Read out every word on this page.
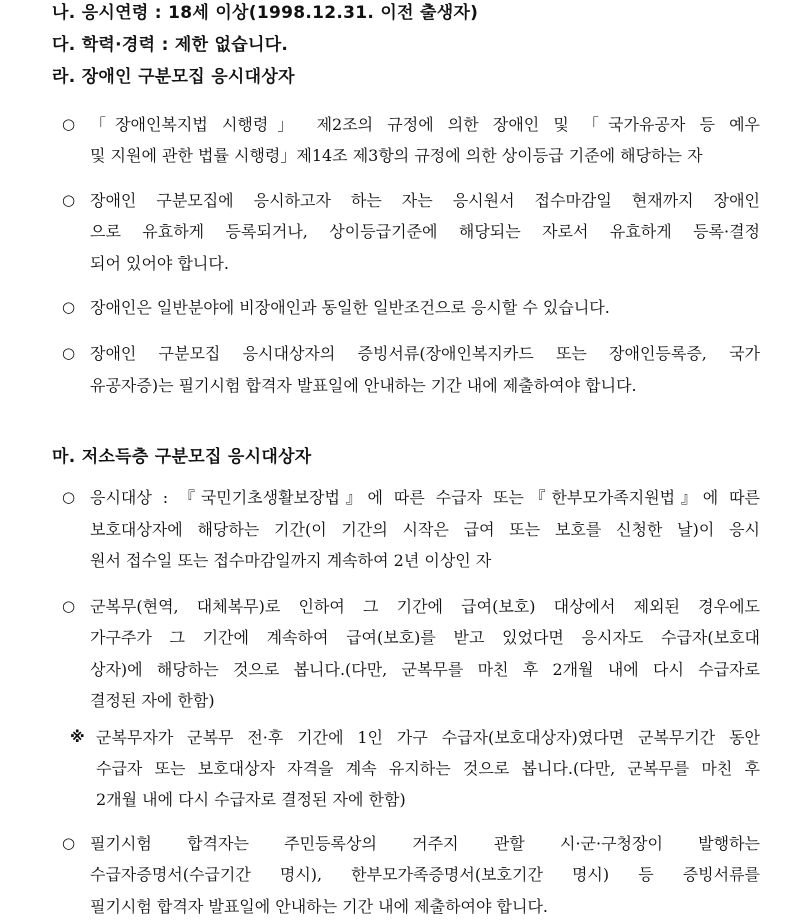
나. 응시연령 : 18세 이상(1998.12.31. 이전 출생자)
다. 학력·경력 : 제한 없습니다.
라. 장애인 구분모집 응시대상자
○ 「장애인복지법 시행령」 제2조의 규정에 의한 장애인 및 「국가유공자 등 예우
및 지원에 관한 법률 시행령」제14조 제3항의 규정에 의한 상이등급 기준에 해당하는 자
○ 장애인 구분모집에 응시하고자 하는 자는 응시원서 접수마감일 현재까지 장애인
으로 유효하게 등록되거나, 상이등급기준에 해당되는 자로서 유효하게 등록·결정
되어 있어야 합니다.
○ 장애인은 일반분야에 비장애인과 동일한 일반조건으로 응시할 수 있습니다.
○ 장애인 구분모집 응시대상자의 증빙서류(장애인복지카드 또는 장애인등록증, 국가
유공자증)는 필기시험 합격자 발표일에 안내하는 기간 내에 제출하여야 합니다.
마. 저소득층 구분모집 응시대상자
○ 응시대상 : 『국민기초생활보장법』에 따른 수급자 또는『한부모가족지원법』에 따른
보호대상자에 해당하는 기간(이 기간의 시작은 급여 또는 보호를 신청한 날)이 응시
원서 접수일 또는 접수마감일까지 계속하여 2년 이상인 자
○ 군복무(현역, 대체복무)로 인하여 그 기간에 급여(보호) 대상에서 제외된 경우에도
가구주가 그 기간에 계속하여 급여(보호)를 받고 있었다면 응시자도 수급자(보호대
상자)에 해당하는 것으로 봅니다.(다만, 군복무를 마친 후 2개월 내에 다시 수급자로
결정된 자에 한함)
※ 군복무자가 군복무 전·후 기간에 1인 가구 수급자(보호대상자)였다면 군복무기간 동안
수급자 또는 보호대상자 자격을 계속 유지하는 것으로 봅니다.(다만, 군복무를 마친 후
2개월 내에 다시 수급자로 결정된 자에 한함)
○ 필기시험 합격자는 주민등록상의 거주지 관할 시·군·구청장이 발행하는
수급자증명서(수급기간 명시), 한부모가족증명서(보호기간 명시) 등 증빙서류를
필기시험 합격자 발표일에 안내하는 기간 내에 제출하여야 합니다.
